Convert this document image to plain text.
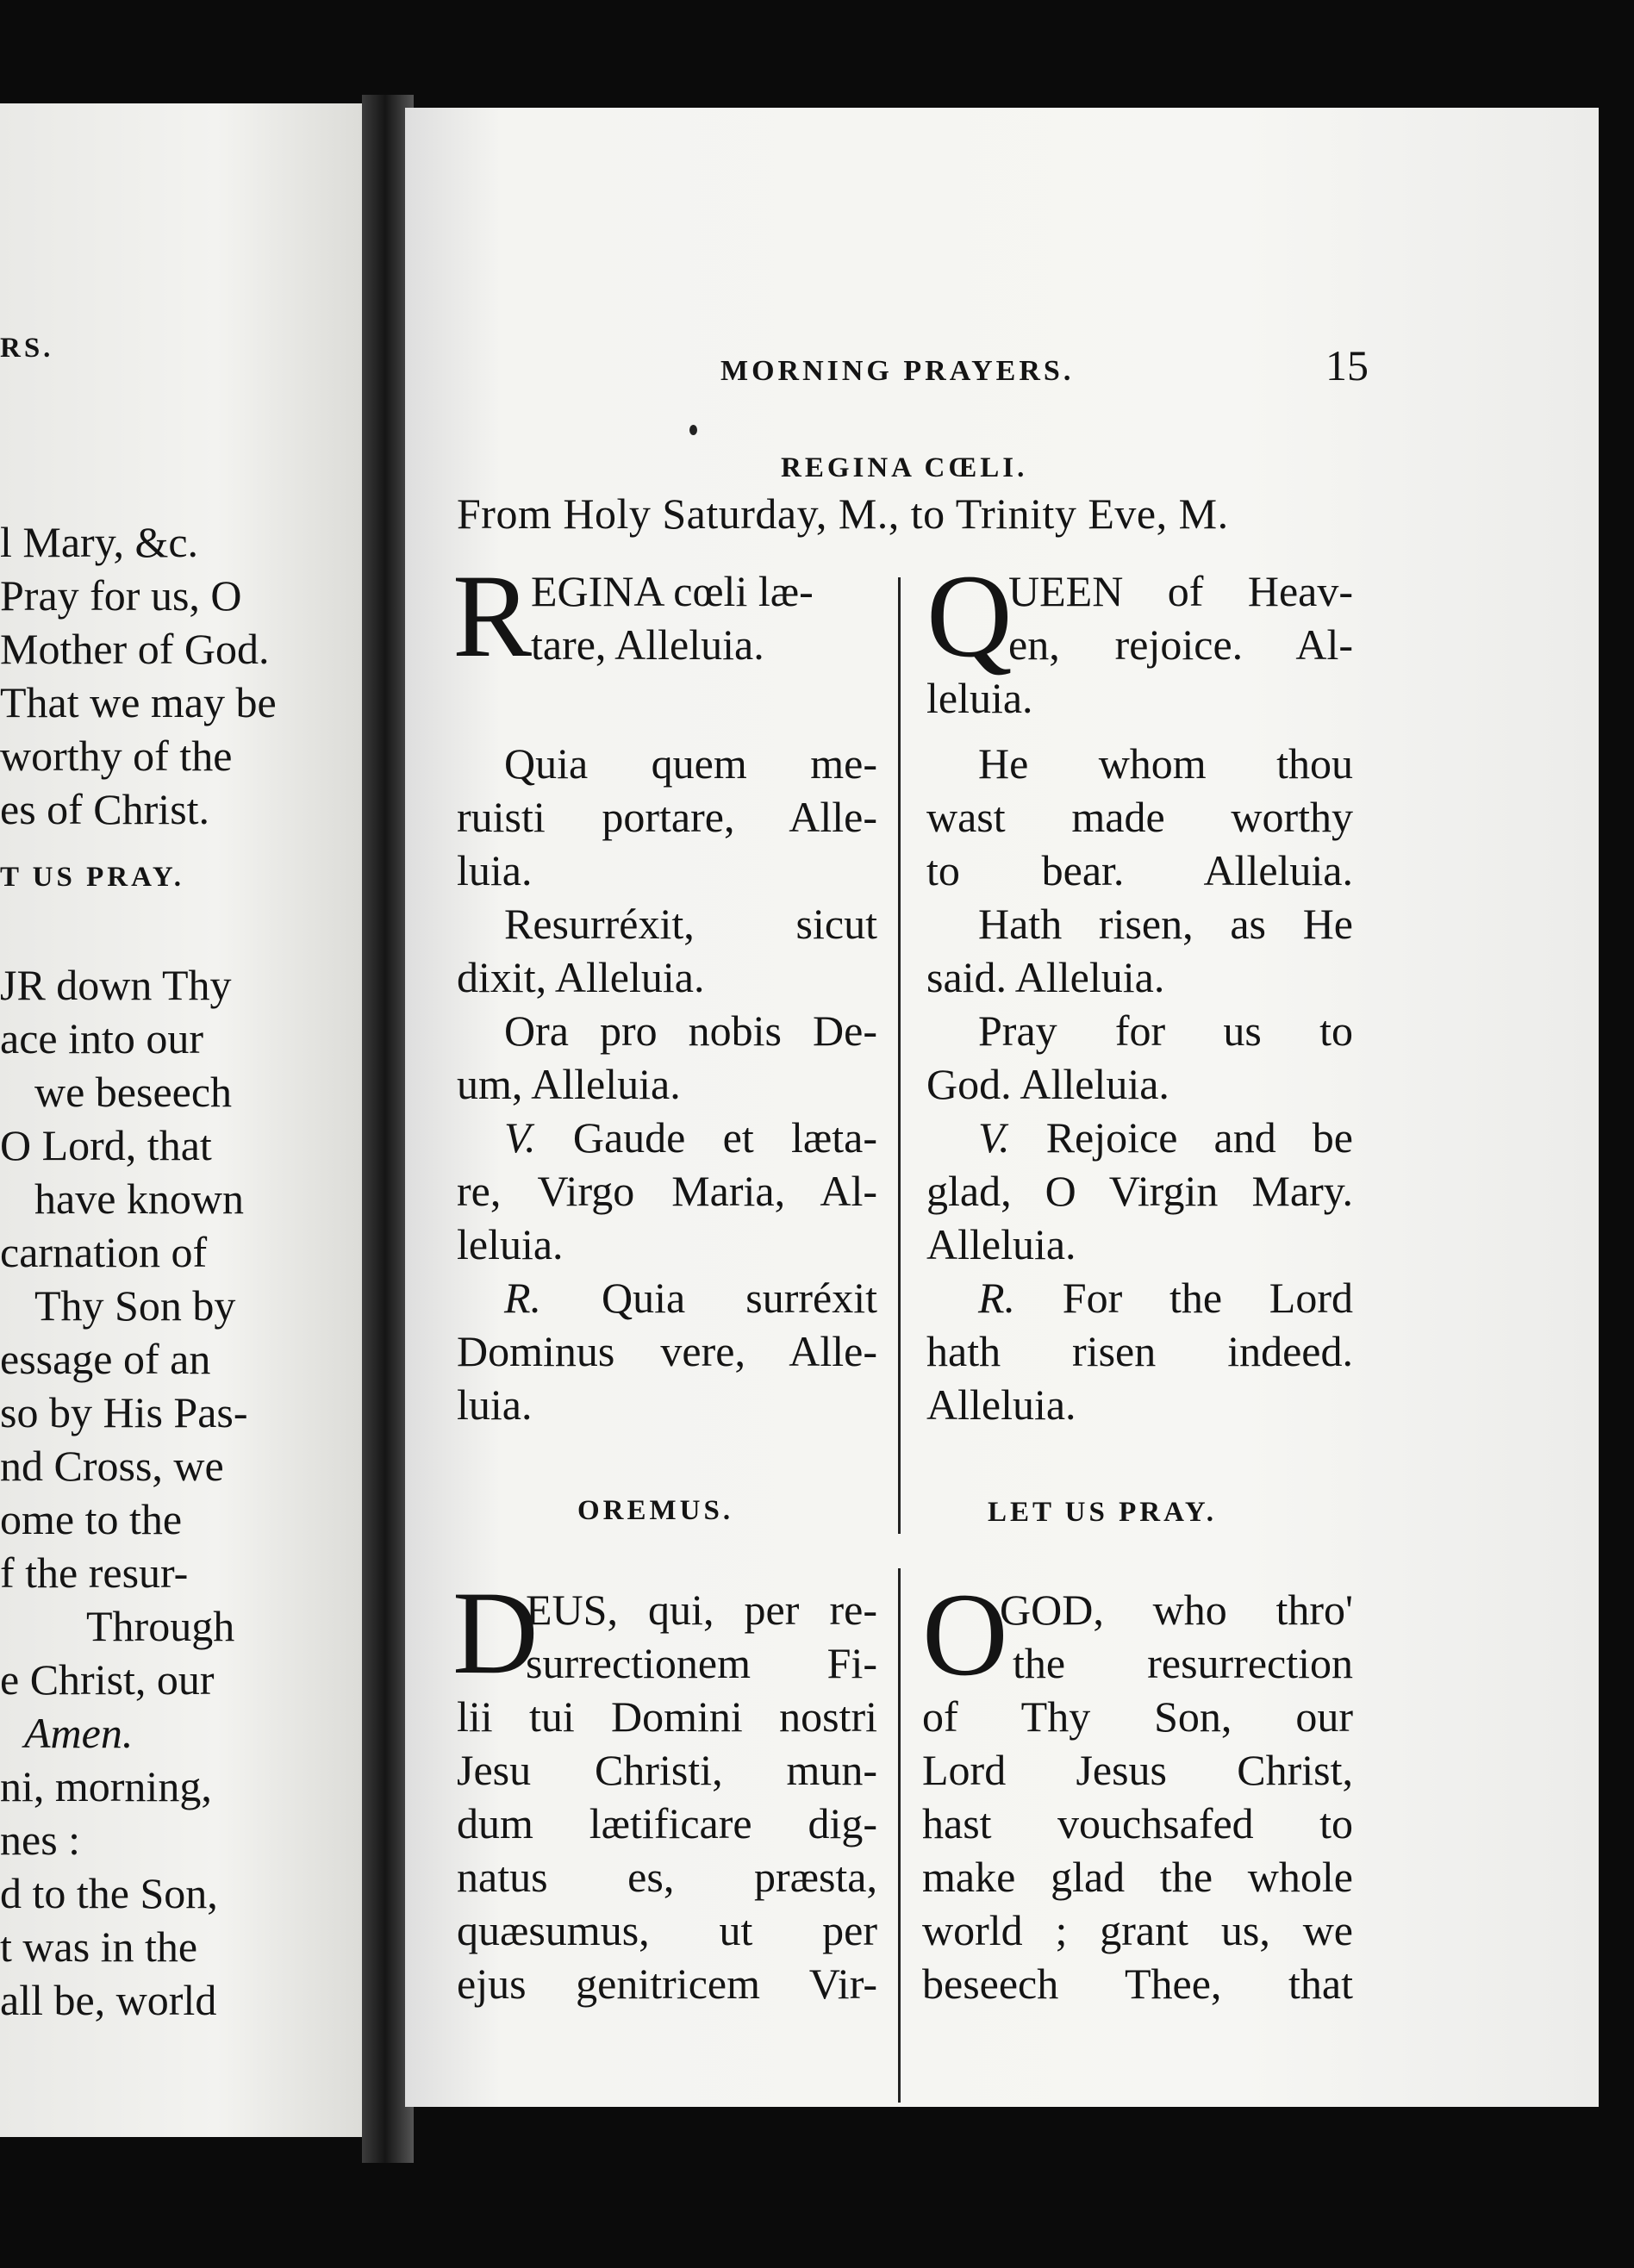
RS.
l Mary, &c.
Pray for us, O
Mother of God.
That we may be
worthy of the
es of Christ.
T US PRAY.
JR down Thy
ace into our
we beseech
O Lord, that
have known
carnation of
Thy Son by
essage of an
so by His Pas-
nd Cross, we
ome to the
f the resur-
Through
e Christ, our
Amen.
ni, morning,
nes :
d to the Son,
t was in the
all be, world
MORNING PRAYERS.	15
REGINA CŒLI.
From Holy Saturday, M., to Trinity Eve, M.
R
EGINA cœli læ-
tare, Alleluia.
Quia quem me-
ruisti portare, Alle-
luia.
Resurréxit, sicut
dixit, Alleluia.
Ora pro nobis De-
um, Alleluia.
V. Gaude et læta-
re, Virgo Maria, Al-
leluia.
R. Quia surréxit
Dominus vere, Alle-
luia.
OREMUS.
D
EUS, qui, per re-
surrectionem Fi-
lii tui Domini nostri
Jesu Christi, mun-
dum lætificare dig-
natus es, præsta,
quæsumus, ut per
ejus genitricem Vir-
Q
UEEN of Heav-
en, rejoice. Al-
leluia.
He whom thou
wast made worthy
to bear. Alleluia.
Hath risen, as He
said. Alleluia.
Pray for us to
God. Alleluia.
V. Rejoice and be
glad, O Virgin Mary.
Alleluia.
R. For the Lord
hath risen indeed.
Alleluia.
LET US PRAY.
O
GOD, who thro'
the resurrection
of Thy Son, our
Lord Jesus Christ,
hast vouchsafed to
make glad the whole
world ; grant us, we
beseech Thee, that
